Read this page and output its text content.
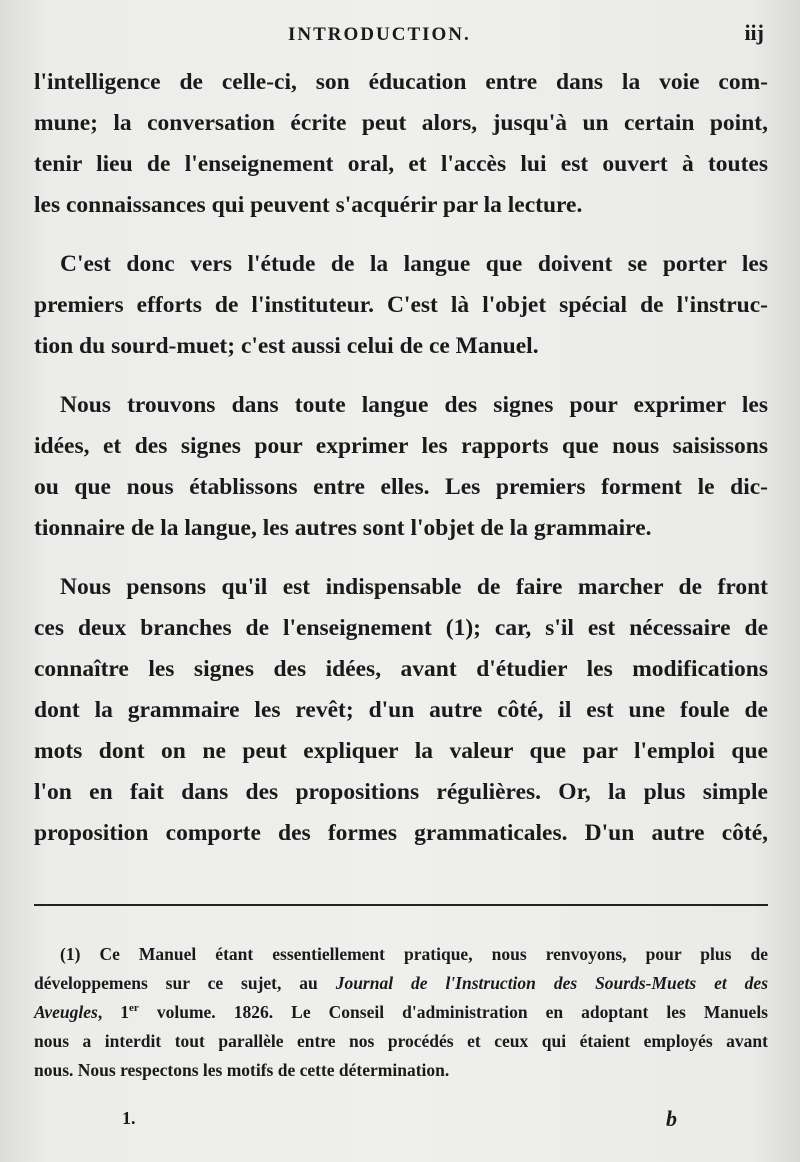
INTRODUCTION.	iij

l'intelligence de celle-ci, son éducation entre dans la voie com-
mune; la conversation écrite peut alors, jusqu'à un certain point,
tenir lieu de l'enseignement oral, et l'accès lui est ouvert à toutes
les connaissances qui peuvent s'acquérir par la lecture.

C'est donc vers l'étude de la langue que doivent se porter les
premiers efforts de l'instituteur. C'est là l'objet spécial de l'instruc-
tion du sourd-muet; c'est aussi celui de ce Manuel.

Nous trouvons dans toute langue des signes pour exprimer les
idées, et des signes pour exprimer les rapports que nous saisissons
ou que nous établissons entre elles. Les premiers forment le dic-
tionnaire de la langue, les autres sont l'objet de la grammaire.

Nous pensons qu'il est indispensable de faire marcher de front
ces deux branches de l'enseignement (1); car, s'il est nécessaire de
connaître les signes des idées, avant d'étudier les modifications
dont la grammaire les revêt; d'un autre côté, il est une foule de
mots dont on ne peut expliquer la valeur que par l'emploi que
l'on en fait dans des propositions régulières. Or, la plus simple
proposition comporte des formes grammaticales. D'un autre côté,

(1) Ce Manuel étant essentiellement pratique, nous renvoyons, pour plus de
développemens sur ce sujet, au Journal de l'Instruction des Sourds-Muets et des
Aveugles, 1er volume. 1826. Le Conseil d'administration en adoptant les Manuels
nous a interdit tout parallèle entre nos procédés et ceux qui étaient employés avant
nous. Nous respectons les motifs de cette détermination.
1.	b
